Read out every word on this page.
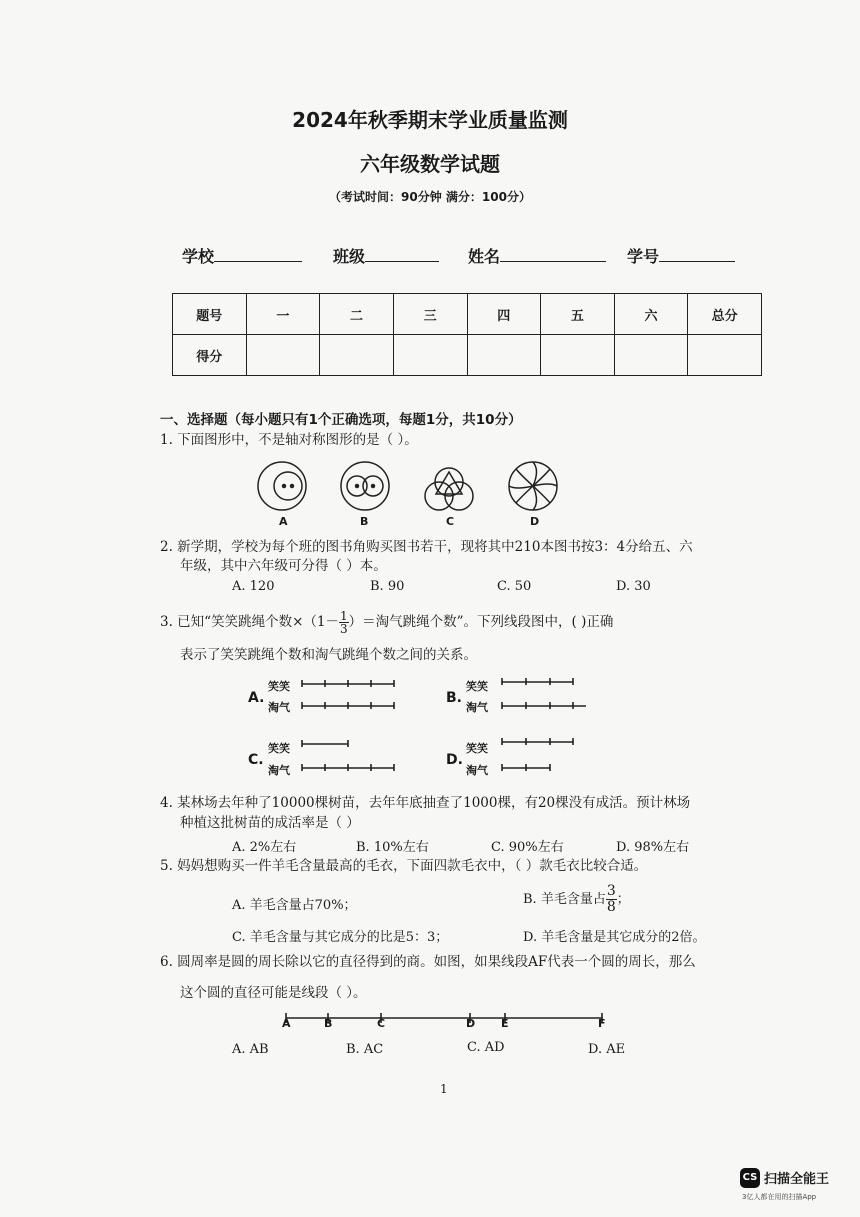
2024年秋季期末学业质量监测
六年级数学试题
（考试时间：90分钟 满分：100分）
学校	班级	姓名	学号
题号	一	二	三	四	五	六	总分
得分							
一、选择题（每小题只有1个正确选项，每题1分，共10分）
1. 下面图形中，不是轴对称图形的是（ ）。
A	B	C	D
2. 新学期，学校为每个班的图书角购买图书若干，现将其中210本图书按3：4分给五、六
年级，其中六年级可分得（ ）本。
A. 120	B. 90	C. 50	D. 30
3. 已知“笑笑跳绳个数$\times(1- \frac{1}{3}$ ）＝淘气跳绳个数”。下列线段图中，( )正确
表示了笑笑跳绳个数和淘气跳绳个数之间的关系。
A.
笑笑
淘气
B.
笑笑
淘气
C.
笑笑
淘气
D.
笑笑
淘气
4. 某林场去年种了10000棵树苗，去年年底抽查了1000棵，有20棵没有成活。预计林场
种植这批树苗的成活率是（ ）
A. 2%左右	B. 10%左右	C. 90%左右	D. 98%左右
5. 妈妈想购买一件羊毛含量最高的毛衣，下面四款毛衣中，（ ）款毛衣比较合适。
A. 羊毛含量占70%；	B. 羊毛含量占 $\frac{3}{8}$ ；
C. 羊毛含量与其它成分的比是5：3；	D. 羊毛含量是其它成分的2倍。
6. 圆周率是圆的周长除以它的直径得到的商。如图，如果线段AF代表一个圆的周长，那么
这个圆的直径可能是线段（ ）。
A	B	C	D E	F
A. AB	B. AC	C. AD	D. AE
1
CS 扫描全能王
3亿人都在用的扫描App
